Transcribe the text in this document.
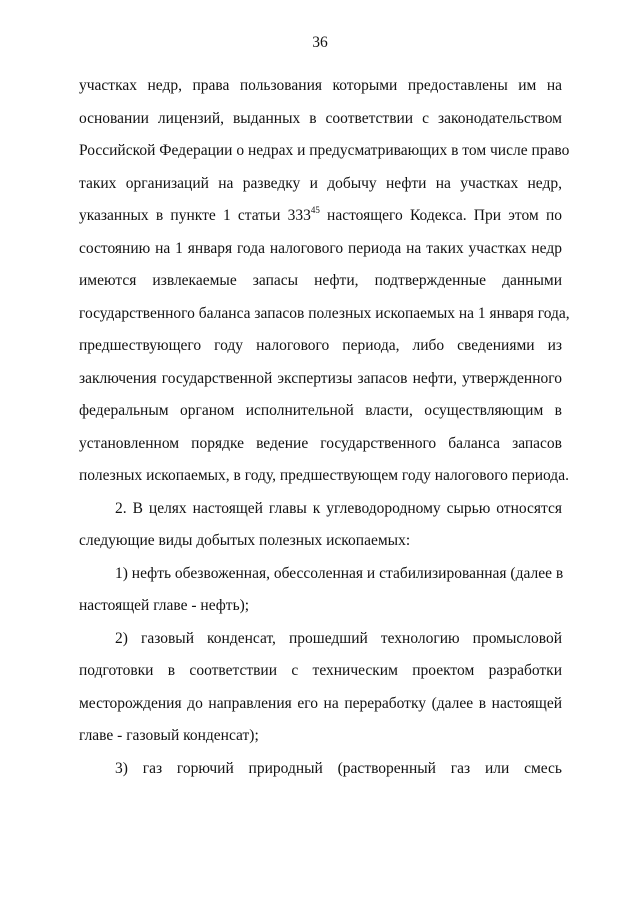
36
участках недр, права пользования которыми предоставлены им на
основании лицензий, выданных в соответствии с законодательством
Российской Федерации о недрах и предусматривающих в том числе право
таких организаций на разведку и добычу нефти на участках недр,
указанных в пункте 1 статьи $333^{45}$ настоящего Кодекса. При этом по
состоянию на 1 января года налогового периода на таких участках недр
имеются извлекаемые запасы нефти, подтвержденные данными
государственного баланса запасов полезных ископаемых на 1 января года,
предшествующего году налогового периода, либо сведениями из
заключения государственной экспертизы запасов нефти, утвержденного
федеральным органом исполнительной власти, осуществляющим в
установленном порядке ведение государственного баланса запасов
полезных ископаемых, в году, предшествующем году налогового периода.
2. В целях настоящей главы к углеводородному сырью относятся
следующие виды добытых полезных ископаемых:
1) нефть обезвоженная, обессоленная и стабилизированная (далее в
настоящей главе - нефть);
2) газовый конденсат, прошедший технологию промысловой
подготовки в соответствии с техническим проектом разработки
месторождения до направления его на переработку (далее в настоящей
главе - газовый конденсат);
3) газ горючий природный (растворенный газ или смесь
